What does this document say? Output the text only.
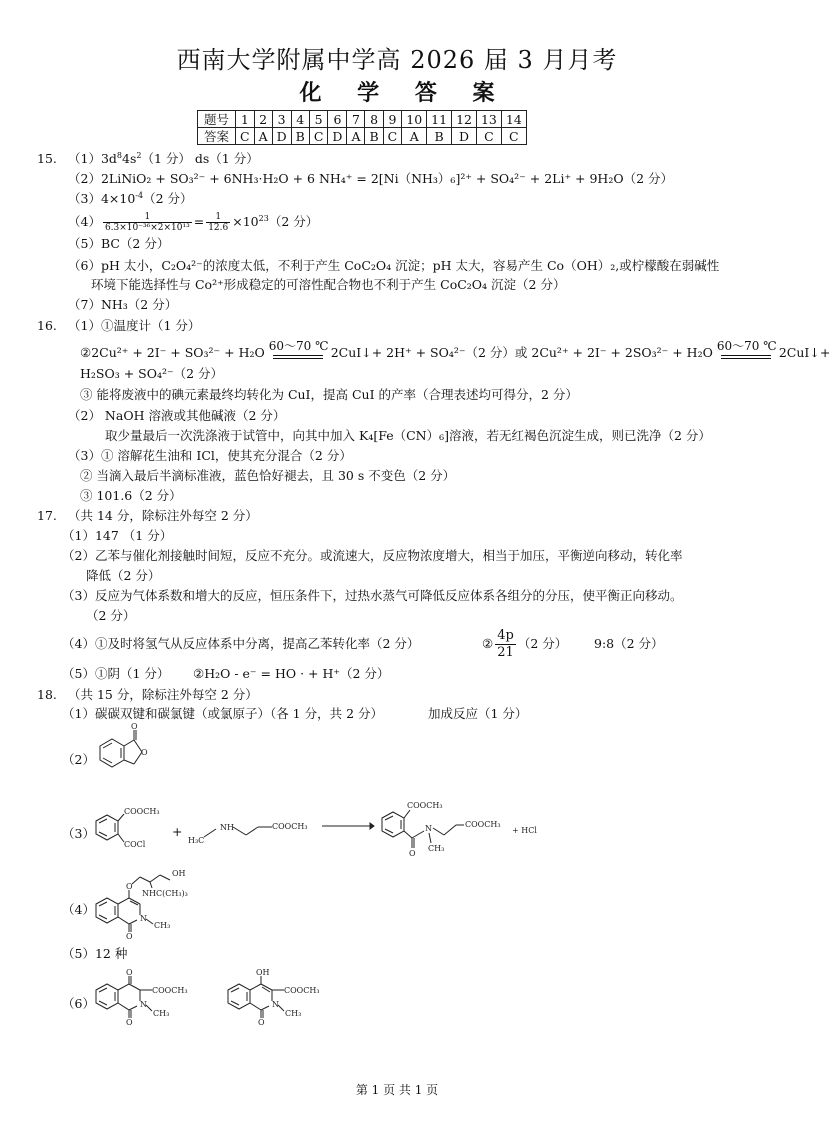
西南大学附属中学高 2026 届 3 月月考
化 学 答 案
题号	1	2	3	4	5	6	7	8	9	10	11	12	13	14
答案	C	A	D	B	C	D	A	B	C	A	B	D	C	C
15. $(1)3d^84s^2(1$ 分） ds（1 分）
（2）2LiNiO₂ + SO₃²⁻ + 6NH₃·H₂O + 6 NH₄⁺ = 2[Ni（NH₃）₆]²⁺ + SO₄²⁻ + 2Li⁺ + 9H₂O（2 分）
$(3)4\times 10^{-4}(2$ 分）
$(4) \frac{1}{\text{6.3×10⁻³⁶×2×10¹³}} = \frac{1}{12.6} \times 10^{23}(2$ 分）
（5）BC（2 分）
（6）pH 太小，C₂O₄²⁻的浓度太低，不利于产生 CoC₂O₄ 沉淀；pH 太大，容易产生 Co（OH）₂,或柠檬酸在弱碱性
环境下能选择性与 Co²⁺形成稳定的可溶性配合物也不利于产生 CoC₂O₄ 沉淀（2 分）
（7）NH₃（2 分）
16. （1）①温度计（1 分）
②2Cu²⁺ + 2I⁻ + SO₃²⁻ + H₂O 60～70 ℃ 2CuI↓+ 2H⁺ + SO₄²⁻（2 分）或 2Cu²⁺ + 2I⁻ + 2SO₃²⁻ + H₂O 60～70 ℃ 2CuI↓+
H₂SO₃ + SO₄²⁻（2 分）
③ 能将废液中的碘元素最终均转化为 CuI，提高 CuI 的产率（合理表述均可得分，2 分）
（2） NaOH 溶液或其他碱液（2 分）
取少量最后一次洗涤液于试管中，向其中加入 K₄[Fe（CN）₆]溶液，若无红褐色沉淀生成，则已洗净（2 分）
（3）① 溶解花生油和 ICl，使其充分混合（2 分）
② 当滴入最后半滴标准液，蓝色恰好褪去，且 30 s 不变色（2 分）
③ 101.6（2 分）
17. （共 14 分，除标注外每空 2 分）
（1）147 （1 分）
（2）乙苯与催化剂接触时间短，反应不充分。或流速大，反应物浓度增大，相当于加压，平衡逆向移动，转化率
降低（2 分）
（3）反应为气体系数和增大的反应，恒压条件下，过热水蒸气可降低反应体系各组分的分压，使平衡正向移动。
（2 分）
（4）①及时将氢气从反应体系中分离，提高乙苯转化率（2 分）	② $\frac{4p}{21} (2$ 分） 9:8（2 分）
（5）①阴（1 分） ②H₂O - e⁻ = HO · + H⁺（2 分）
18. （共 15 分，除标注外每空 2 分）
（1）碳碳双键和碳氯键（或氯原子）（各 1 分，共 2 分）	加成反应（1 分）
（2）
O
O
（3）
COOCH₃
COCl
+
H₃C
NH	COOCH₃ →
COOCH₃
O
N
CH₃
COOCH₃
+ HCl
（4）
N
O
CH₃
O
OH
NHC(CH₃)₃
（5）12 种
（6）
O
COOCH₃
N
O
CH₃
OH
COOCH₃
N
O
CH₃
第 1 页 共 1 页
